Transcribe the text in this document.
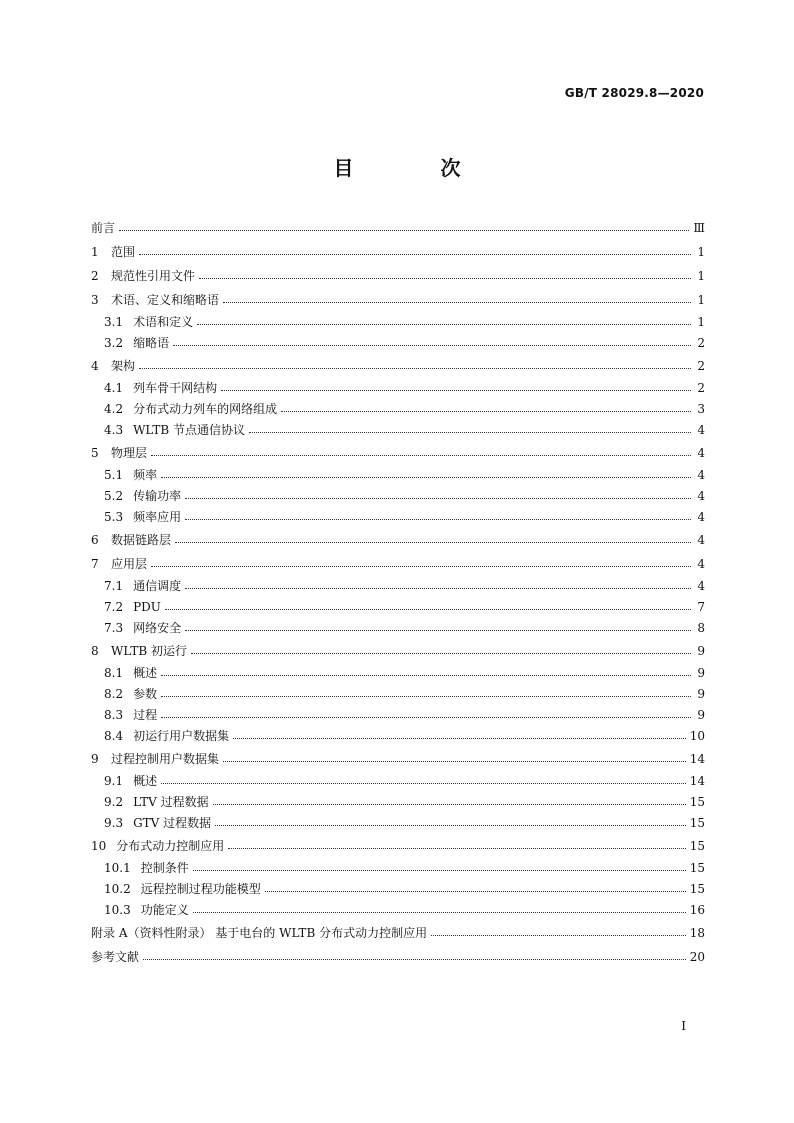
GB/T 28029.8—2020
目 次
前言	Ⅲ
1 范围	1
2 规范性引用文件	1
3 术语、定义和缩略语	1
3.1 术语和定义	1
3.2 缩略语	2
4 架构	2
4.1 列车骨干网结构	2
4.2 分布式动力列车的网络组成	3
4.3 WLTB 节点通信协议	4
5 物理层	4
5.1 频率	4
5.2 传输功率	4
5.3 频率应用	4
6 数据链路层	4
7 应用层	4
7.1 通信调度	4
7.2 PDU	7
7.3 网络安全	8
8 WLTB 初运行	9
8.1 概述	9
8.2 参数	9
8.3 过程	9
8.4 初运行用户数据集	10
9 过程控制用户数据集	14
9.1 概述	14
9.2 LTV 过程数据	15
9.3 GTV 过程数据	15
10 分布式动力控制应用	15
10.1 控制条件	15
10.2 远程控制过程功能模型	15
10.3 功能定义	16
附录 A（资料性附录） 基于电台的 WLTB 分布式动力控制应用	18
参考文献	20
I
